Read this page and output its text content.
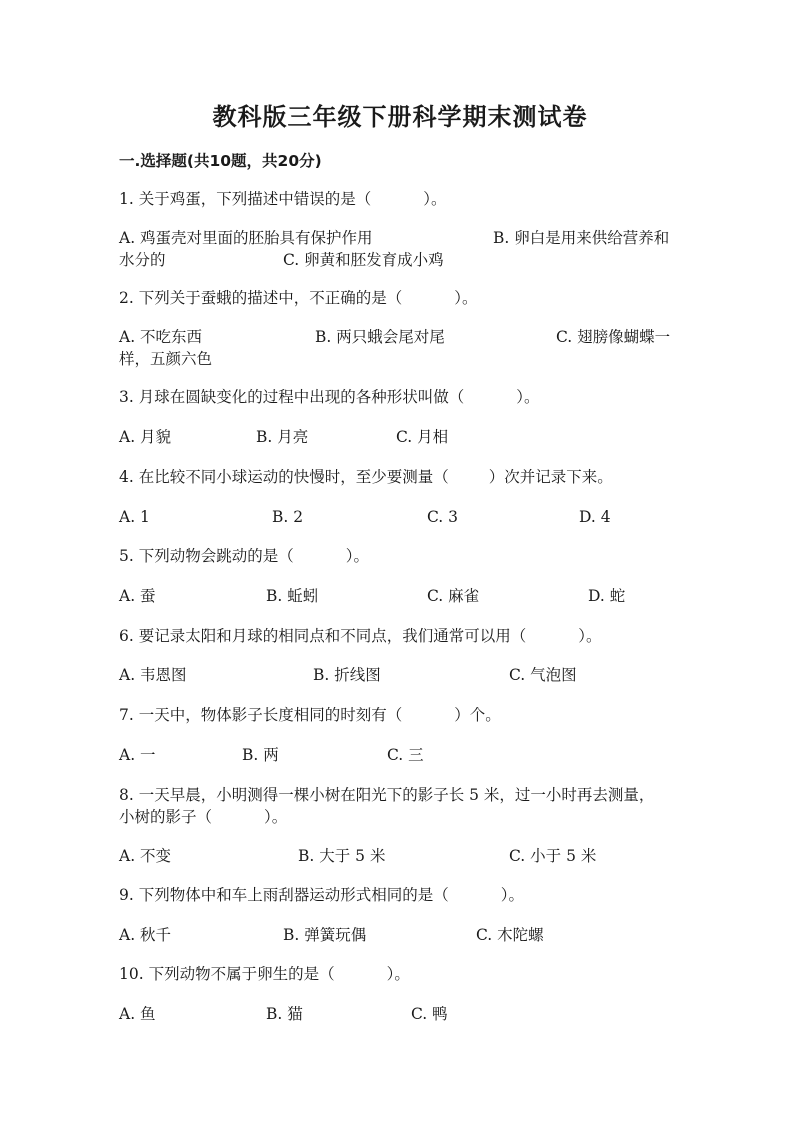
教科版三年级下册科学期末测试卷
一.选择题(共10题，共20分)
1. 关于鸡蛋，下列描述中错误的是（	）。
A. 鸡蛋壳对里面的胚胎具有保护作用	B. 卵白是用来供给营养和
水分的	C. 卵黄和胚发育成小鸡
2. 下列关于蚕蛾的描述中，不正确的是（	）。
A. 不吃东西	B. 两只蛾会尾对尾	C. 翅膀像蝴蝶一
样，五颜六色
3. 月球在圆缺变化的过程中出现的各种形状叫做（	）。
A. 月貌	B. 月亮	C. 月相
4. 在比较不同小球运动的快慢时，至少要测量（	）次并记录下来。
A. 1	B. 2	C. 3	D. 4
5. 下列动物会跳动的是（	）。
A. 蚕	B. 蚯蚓	C. 麻雀	D. 蛇
6. 要记录太阳和月球的相同点和不同点，我们通常可以用（	）。
A. 韦恩图	B. 折线图	C. 气泡图
7. 一天中，物体影子长度相同的时刻有（	）个。
A. 一	B. 两	C. 三
8. 一天早晨，小明测得一棵小树在阳光下的影子长 5 米，过一小时再去测量，
小树的影子（	）。
A. 不变	B. 大于 5 米	C. 小于 5 米
9. 下列物体中和车上雨刮器运动形式相同的是（	）。
A. 秋千	B. 弹簧玩偶	C. 木陀螺
10. 下列动物不属于卵生的是（	）。
A. 鱼	B. 猫	C. 鸭
